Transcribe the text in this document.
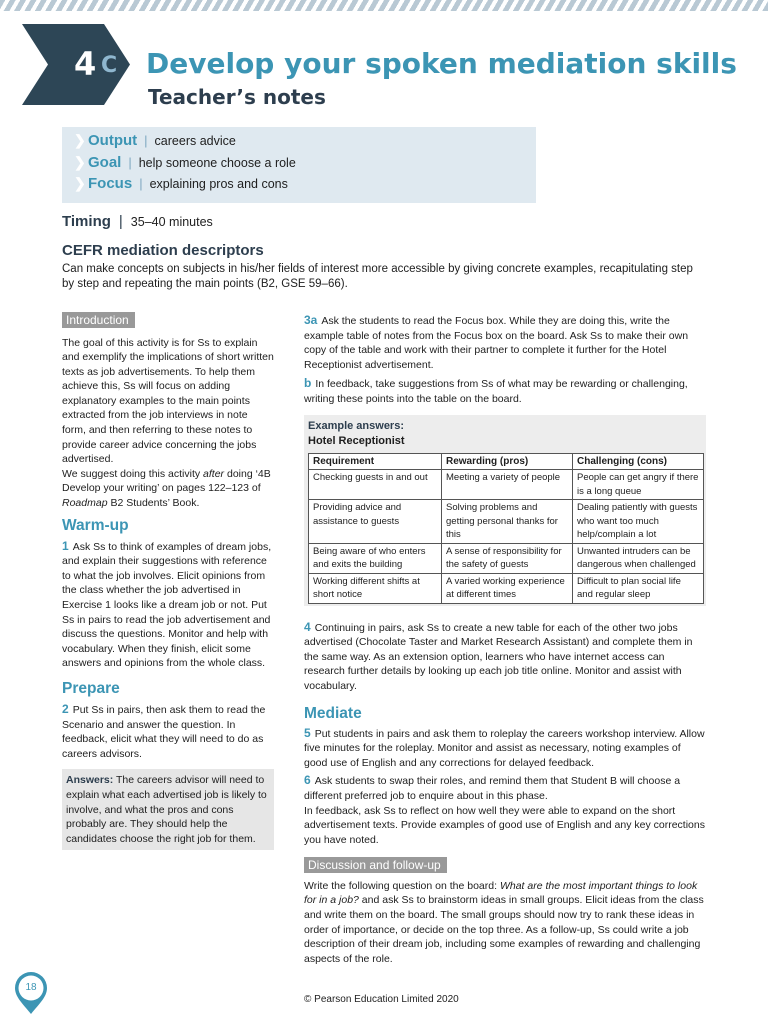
4 C Develop your spoken mediation skills
Teacher’s notes
❯ Output | careers advice
❯ Goal | help someone choose a role
❯ Focus | explaining pros and cons
Timing | 35–40 minutes
CEFR mediation descriptors
Can make concepts on subjects in his/her fields of interest more accessible by giving concrete examples, recapitulating step by step and repeating the main points (B2, GSE 59–66).
Introduction

The goal of this activity is for Ss to explain and exemplify the implications of short written texts as job advertisements. To help them achieve this, Ss will focus on adding explanatory examples to the main points extracted from the job interviews in note form, and then referring to these notes to provide career advice concerning the jobs advertised.

We suggest doing this activity after doing ‘4B Develop your writing’ on pages 122–123 of Roadmap B2 Students’ Book.

Warm-up

1 Ask Ss to think of examples of dream jobs, and explain their suggestions with reference to what the job involves. Elicit opinions from the class whether the job advertised in Exercise 1 looks like a dream job or not. Put Ss in pairs to read the job advertisement and discuss the questions. Monitor and help with vocabulary. When they finish, elicit some answers and opinions from the whole class.

Prepare

2 Put Ss in pairs, then ask them to read the Scenario and answer the question. In feedback, elicit what they will need to do as careers advisors.

Answers: The careers advisor will need to explain what each advertised job is likely to involve, and what the pros and cons probably are. They should help the candidates choose the right job for them.

3a Ask the students to read the Focus box. While they are doing this, write the example table of notes from the Focus box on the board. Ask Ss to make their own copy of the table and work with their partner to complete it further for the Hotel Receptionist advertisement.

b In feedback, take suggestions from Ss of what may be rewarding or challenging, writing these points into the table on the board.

Example answers:
Hotel Receptionist
Requirement	Rewarding (pros)	Challenging (cons)
Checking guests in and out	Meeting a variety of people	People can get angry if there is a long queue
Providing advice and assistance to guests	Solving problems and getting personal thanks for this	Dealing patiently with guests who want too much help/complain a lot
Being aware of who enters and exits the building	A sense of responsibility for the safety of guests	Unwanted intruders can be dangerous when challenged
Working different shifts at short notice	A varied working experience at different times	Difficult to plan social life and regular sleep

4 Continuing in pairs, ask Ss to create a new table for each of the other two jobs advertised (Chocolate Taster and Market Research Assistant) and complete them in the same way. As an extension option, learners who have internet access can research further details by looking up each job title online. Monitor and assist with vocabulary.

Mediate

5 Put students in pairs and ask them to roleplay the careers workshop interview. Allow five minutes for the roleplay. Monitor and assist as necessary, noting examples of good use of English and any corrections for delayed feedback.

6 Ask students to swap their roles, and remind them that Student B will choose a different preferred job to enquire about in this phase.

In feedback, ask Ss to reflect on how well they were able to expand on the short advertisement texts. Provide examples of good use of English and any key corrections you have noted.

Discussion and follow-up

Write the following question on the board: What are the most important things to look for in a job? and ask Ss to brainstorm ideas in small groups. Elicit ideas from the class and write them on the board. The small groups should now try to rank these ideas in order of importance, or decide on the top three. As a follow-up, Ss could write a job description of their dream job, including some examples of rewarding and challenging aspects of the role.

© Pearson Education Limited 2020
18
